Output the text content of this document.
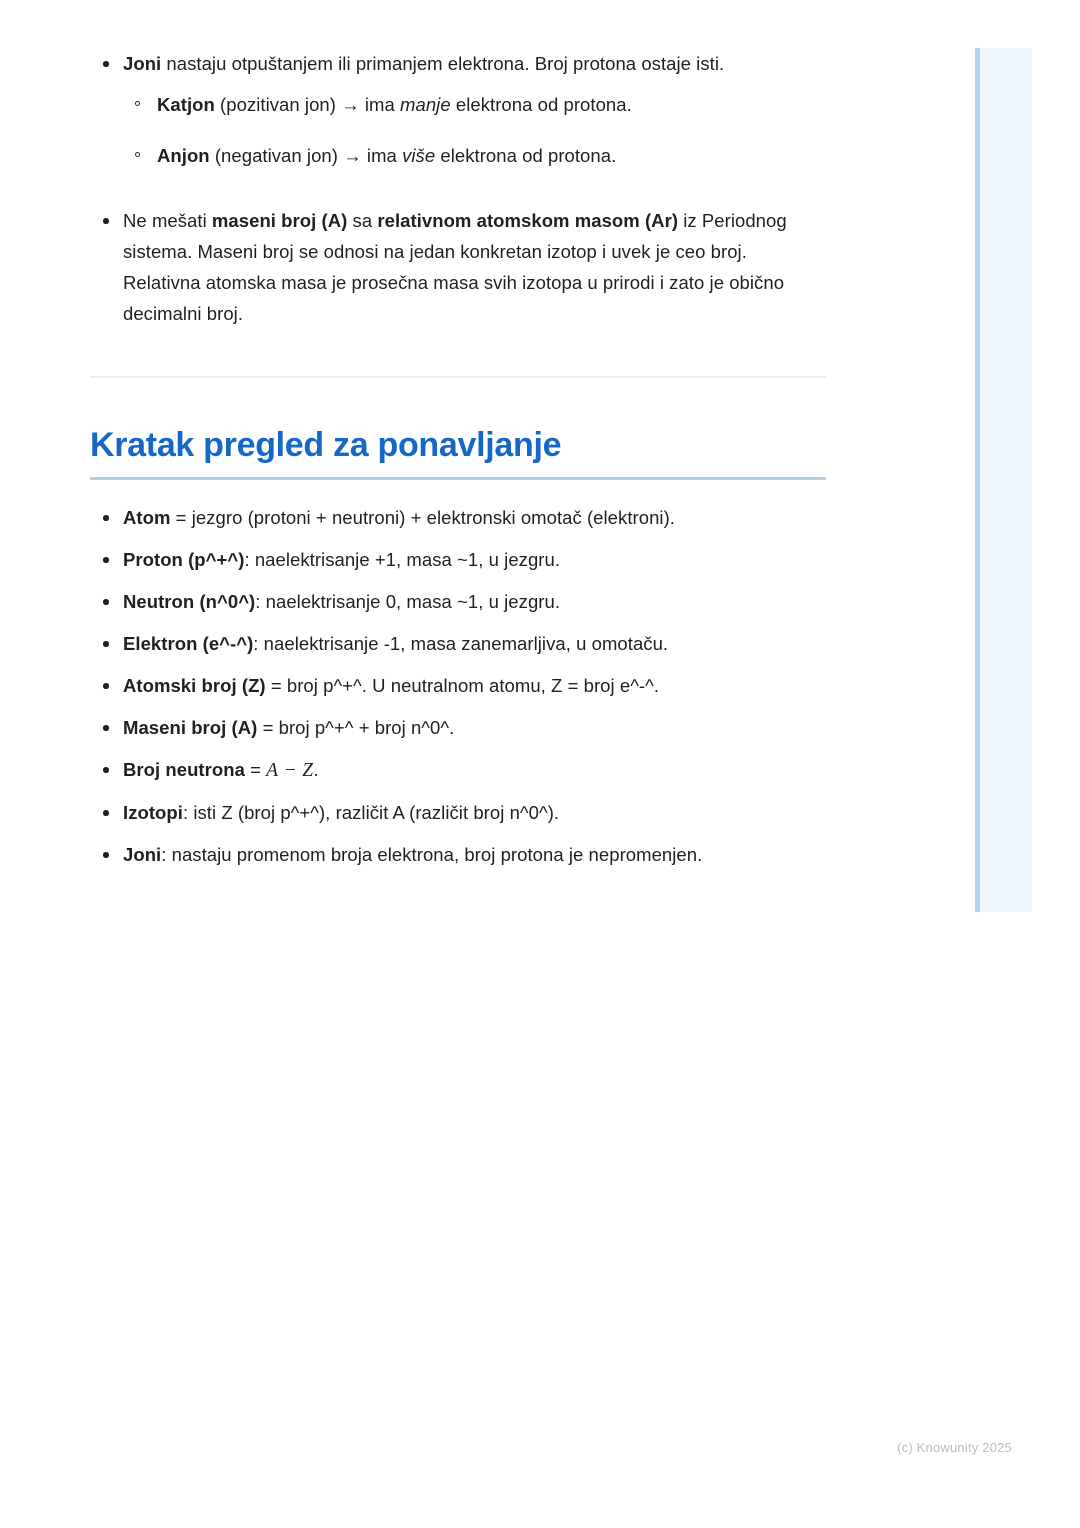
Joni nastaju otpuštanjem ili primanjem elektrona. Broj protona ostaje isti.
Katjon (pozitivan jon) → ima manje elektrona od protona.
Anjon (negativan jon) → ima više elektrona od protona.
Ne mešati maseni broj (A) sa relativnom atomskom masom (Ar) iz Periodnog sistema. Maseni broj se odnosi na jedan konkretan izotop i uvek je ceo broj. Relativna atomska masa je prosečna masa svih izotopa u prirodi i zato je obično decimalni broj.
Kratak pregled za ponavljanje
Atom = jezgro (protoni + neutroni) + elektronski omotač (elektroni).
Proton (p^+^): naelektrisanje +1, masa ~1, u jezgru.
Neutron (n^0^): naelektrisanje 0, masa ~1, u jezgru.
Elektron (e^-^): naelektrisanje -1, masa zanemarljiva, u omotaču.
Atomski broj (Z) = broj p^+^. U neutralnom atomu, Z = broj e^-^.
Maseni broj (A) = broj p^+^ + broj n^0^.
Broj neutrona = A − Z.
Izotopi: isti Z (broj p^+^), različit A (različit broj n^0^).
Joni: nastaju promenom broja elektrona, broj protona je nepromenjen.
(c) Knowunity 2025
